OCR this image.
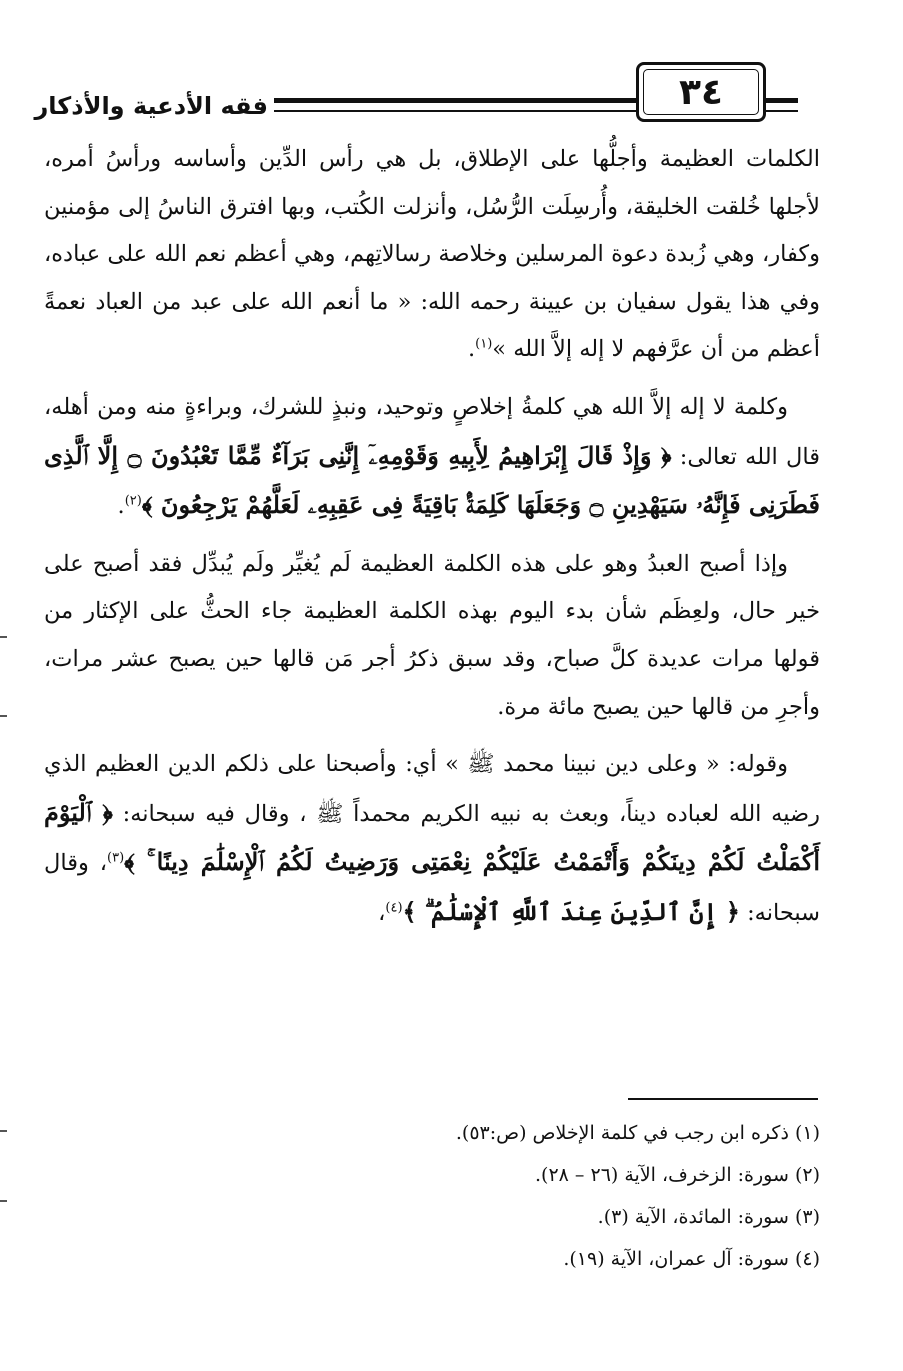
فقه الأدعية والأذكار	٣٤

الكلمات العظيمة وأجلُّها على الإطلاق، بل هي رأس الدِّين وأساسه ورأسُ أمره، لأجلها خُلقت الخليقة، وأُرسِلَت الرُّسُل، وأنزلت الكُتب، وبها افترق الناسُ إلى مؤمنين وكفار، وهي زُبدة دعوة المرسلين وخلاصة رسالاتِهم، وهي أعظم نعم الله على عباده، وفي هذا يقول سفيان بن عيينة رحمه الله: « ما أنعم الله على عبد من العباد نعمةً أعظم من أن عرَّفهم لا إله إلاَّ الله »$^{(١)}$.

وكلمة لا إله إلاَّ الله هي كلمةُ إخلاصٍ وتوحيد، ونبذٍ للشرك، وبراءةٍ منه ومن أهله، قال الله تعالى: ﴿ وَإِذْ قَالَ إِبْرَاهِيمُ لِأَبِيهِ وَقَوْمِهِۦٓ إِنَّنِى بَرَآءٌ مِّمَّا تَعْبُدُونَ ۝ إِلَّا ٱلَّذِى فَطَرَنِى فَإِنَّهُۥ سَيَهْدِينِ ۝ وَجَعَلَهَا كَلِمَةًۢ بَاقِيَةً فِى عَقِبِهِۦ لَعَلَّهُمْ يَرْجِعُونَ ﴾$^{(٢)}$.

وإذا أصبح العبدُ وهو على هذه الكلمة العظيمة لَم يُغيِّر ولَم يُبدِّل فقد أصبح على خير حال، ولعِظَم شأن بدء اليوم بهذه الكلمة العظيمة جاء الحثُّ على الإكثار من قولها مرات عديدة كلَّ صباح، وقد سبق ذكرُ أجر مَن قالها حين يصبح عشر مرات، وأجرِ من قالها حين يصبح مائة مرة.

وقوله: « وعلى دين نبينا محمد ﷺ » أي: وأصبحنا على ذلكم الدين العظيم الذي رضيه الله لعباده ديناً، وبعث به نبيه الكريم محمداً ﷺ ، وقال فيه سبحانه: ﴿ ٱلْيَوْمَ أَكْمَلْتُ لَكُمْ دِينَكُمْ وَأَتْمَمْتُ عَلَيْكُمْ نِعْمَتِى وَرَضِيتُ لَكُمُ ٱلْإِسْلَٰمَ دِينًا ۚ ﴾$^{(٣)}$، وقال سبحانه: ﴿ إِنَّ ٱلدِّينَ عِندَ ٱللَّهِ ٱلْإِسْلَٰمُ ۗ ﴾$^{(٤)}$،

(١) ذكره ابن رجب في كلمة الإخلاص (ص:٥٣).
(٢) سورة: الزخرف، الآية (٢٦ – ٢٨).
(٣) سورة: المائدة، الآية (٣).
(٤) سورة: آل عمران، الآية (١٩).
